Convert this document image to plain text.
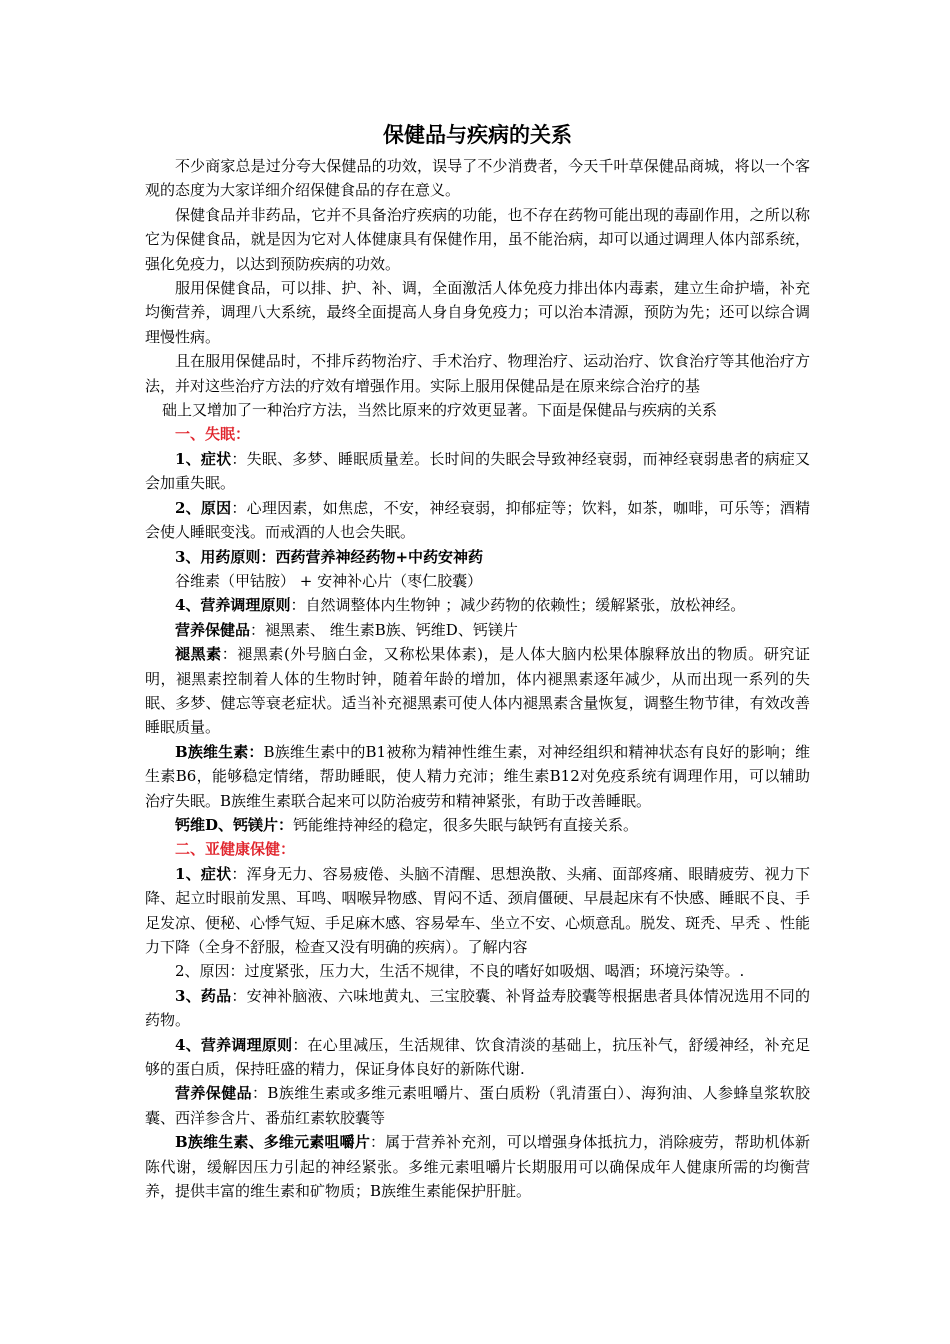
保健品与疾病的关系

不少商家总是过分夸大保健品的功效，误导了不少消费者，今天千叶草保健品商城，将以一个客观的态度为大家详细介绍保健食品的存在意义。

保健食品并非药品，它并不具备治疗疾病的功能，也不存在药物可能出现的毒副作用，之所以称它为保健食品，就是因为它对人体健康具有保健作用，虽不能治病，却可以通过调理人体内部系统，强化免疫力，以达到预防疾病的功效。

服用保健食品，可以排、护、补、调，全面激活人体免疫力排出体内毒素，建立生命护墙，补充均衡营养，调理八大系统，最终全面提高人身自身免疫力；可以治本清源，预防为先；还可以综合调理慢性病。

且在服用保健品时，不排斥药物治疗、手术治疗、物理治疗、运动治疗、饮食治疗等其他治疗方法，并对这些治疗方法的疗效有增强作用。实际上服用保健品是在原来综合治疗的基

础上又增加了一种治疗方法，当然比原来的疗效更显著。下面是保健品与疾病的关系

一、失眠：

1、症状：失眠、多梦、睡眠质量差。长时间的失眠会导致神经衰弱，而神经衰弱患者的病症又会加重失眠。

2、原因：心理因素，如焦虑，不安，神经衰弱，抑郁症等；饮料，如茶，咖啡，可乐等；酒精会使人睡眠变浅。而戒酒的人也会失眠。

3、用药原则：西药营养神经药物+中药安神药

谷维素（甲钴胺） + 安神补心片（枣仁胶囊）

4、营养调理原则：自然调整体内生物钟 ；减少药物的依赖性；缓解紧张，放松神经。

营养保健品：褪黑素、 维生素B族、钙维D、钙镁片

褪黑素：褪黑素(外号脑白金，又称松果体素)，是人体大脑内松果体腺释放出的物质。研究证明，褪黑素控制着人体的生物时钟，随着年龄的增加，体内褪黑素逐年减少，从而出现一系列的失眠、多梦、健忘等衰老症状。适当补充褪黑素可使人体内褪黑素含量恢复，调整生物节律，有效改善睡眠质量。

B族维生素：B族维生素中的B1被称为精神性维生素，对神经组织和精神状态有良好的影响；维生素B6，能够稳定情绪，帮助睡眠，使人精力充沛；维生素B12对免疫系统有调理作用，可以辅助治疗失眠。B族维生素联合起来可以防治疲劳和精神紧张，有助于改善睡眠。

钙维D、钙镁片：钙能维持神经的稳定，很多失眠与缺钙有直接关系。

二、亚健康保健：

1、症状：浑身无力、容易疲倦、头脑不清醒、思想涣散、头痛、面部疼痛、眼睛疲劳、视力下降、起立时眼前发黑、耳鸣、咽喉异物感、胃闷不适、颈肩僵硬、早晨起床有不快感、睡眠不良、手足发凉、便秘、心悸气短、手足麻木感、容易晕车、坐立不安、心烦意乱。脱发、斑秃、早秃 、性能力下降（全身不舒服，检查又没有明确的疾病）。了解内容

2、原因：过度紧张，压力大，生活不规律，不良的嗜好如吸烟、喝酒；环境污染等。.

3、药品：安神补脑液、六味地黄丸、三宝胶囊、补肾益寿胶囊等根据患者具体情况选用不同的药物。

4、营养调理原则：在心里减压，生活规律、饮食清淡的基础上，抗压补气，舒缓神经，补充足够的蛋白质，保持旺盛的精力，保证身体良好的新陈代谢.

营养保健品：B族维生素或多维元素咀嚼片、蛋白质粉（乳清蛋白）、海狗油、人参蜂皇浆软胶囊、西洋参含片、番茄红素软胶囊等

B族维生素、多维元素咀嚼片：属于营养补充剂，可以增强身体抵抗力，消除疲劳，帮助机体新陈代谢，缓解因压力引起的神经紧张。多维元素咀嚼片长期服用可以确保成年人健康所需的均衡营养，提供丰富的维生素和矿物质；B族维生素能保护肝脏。
